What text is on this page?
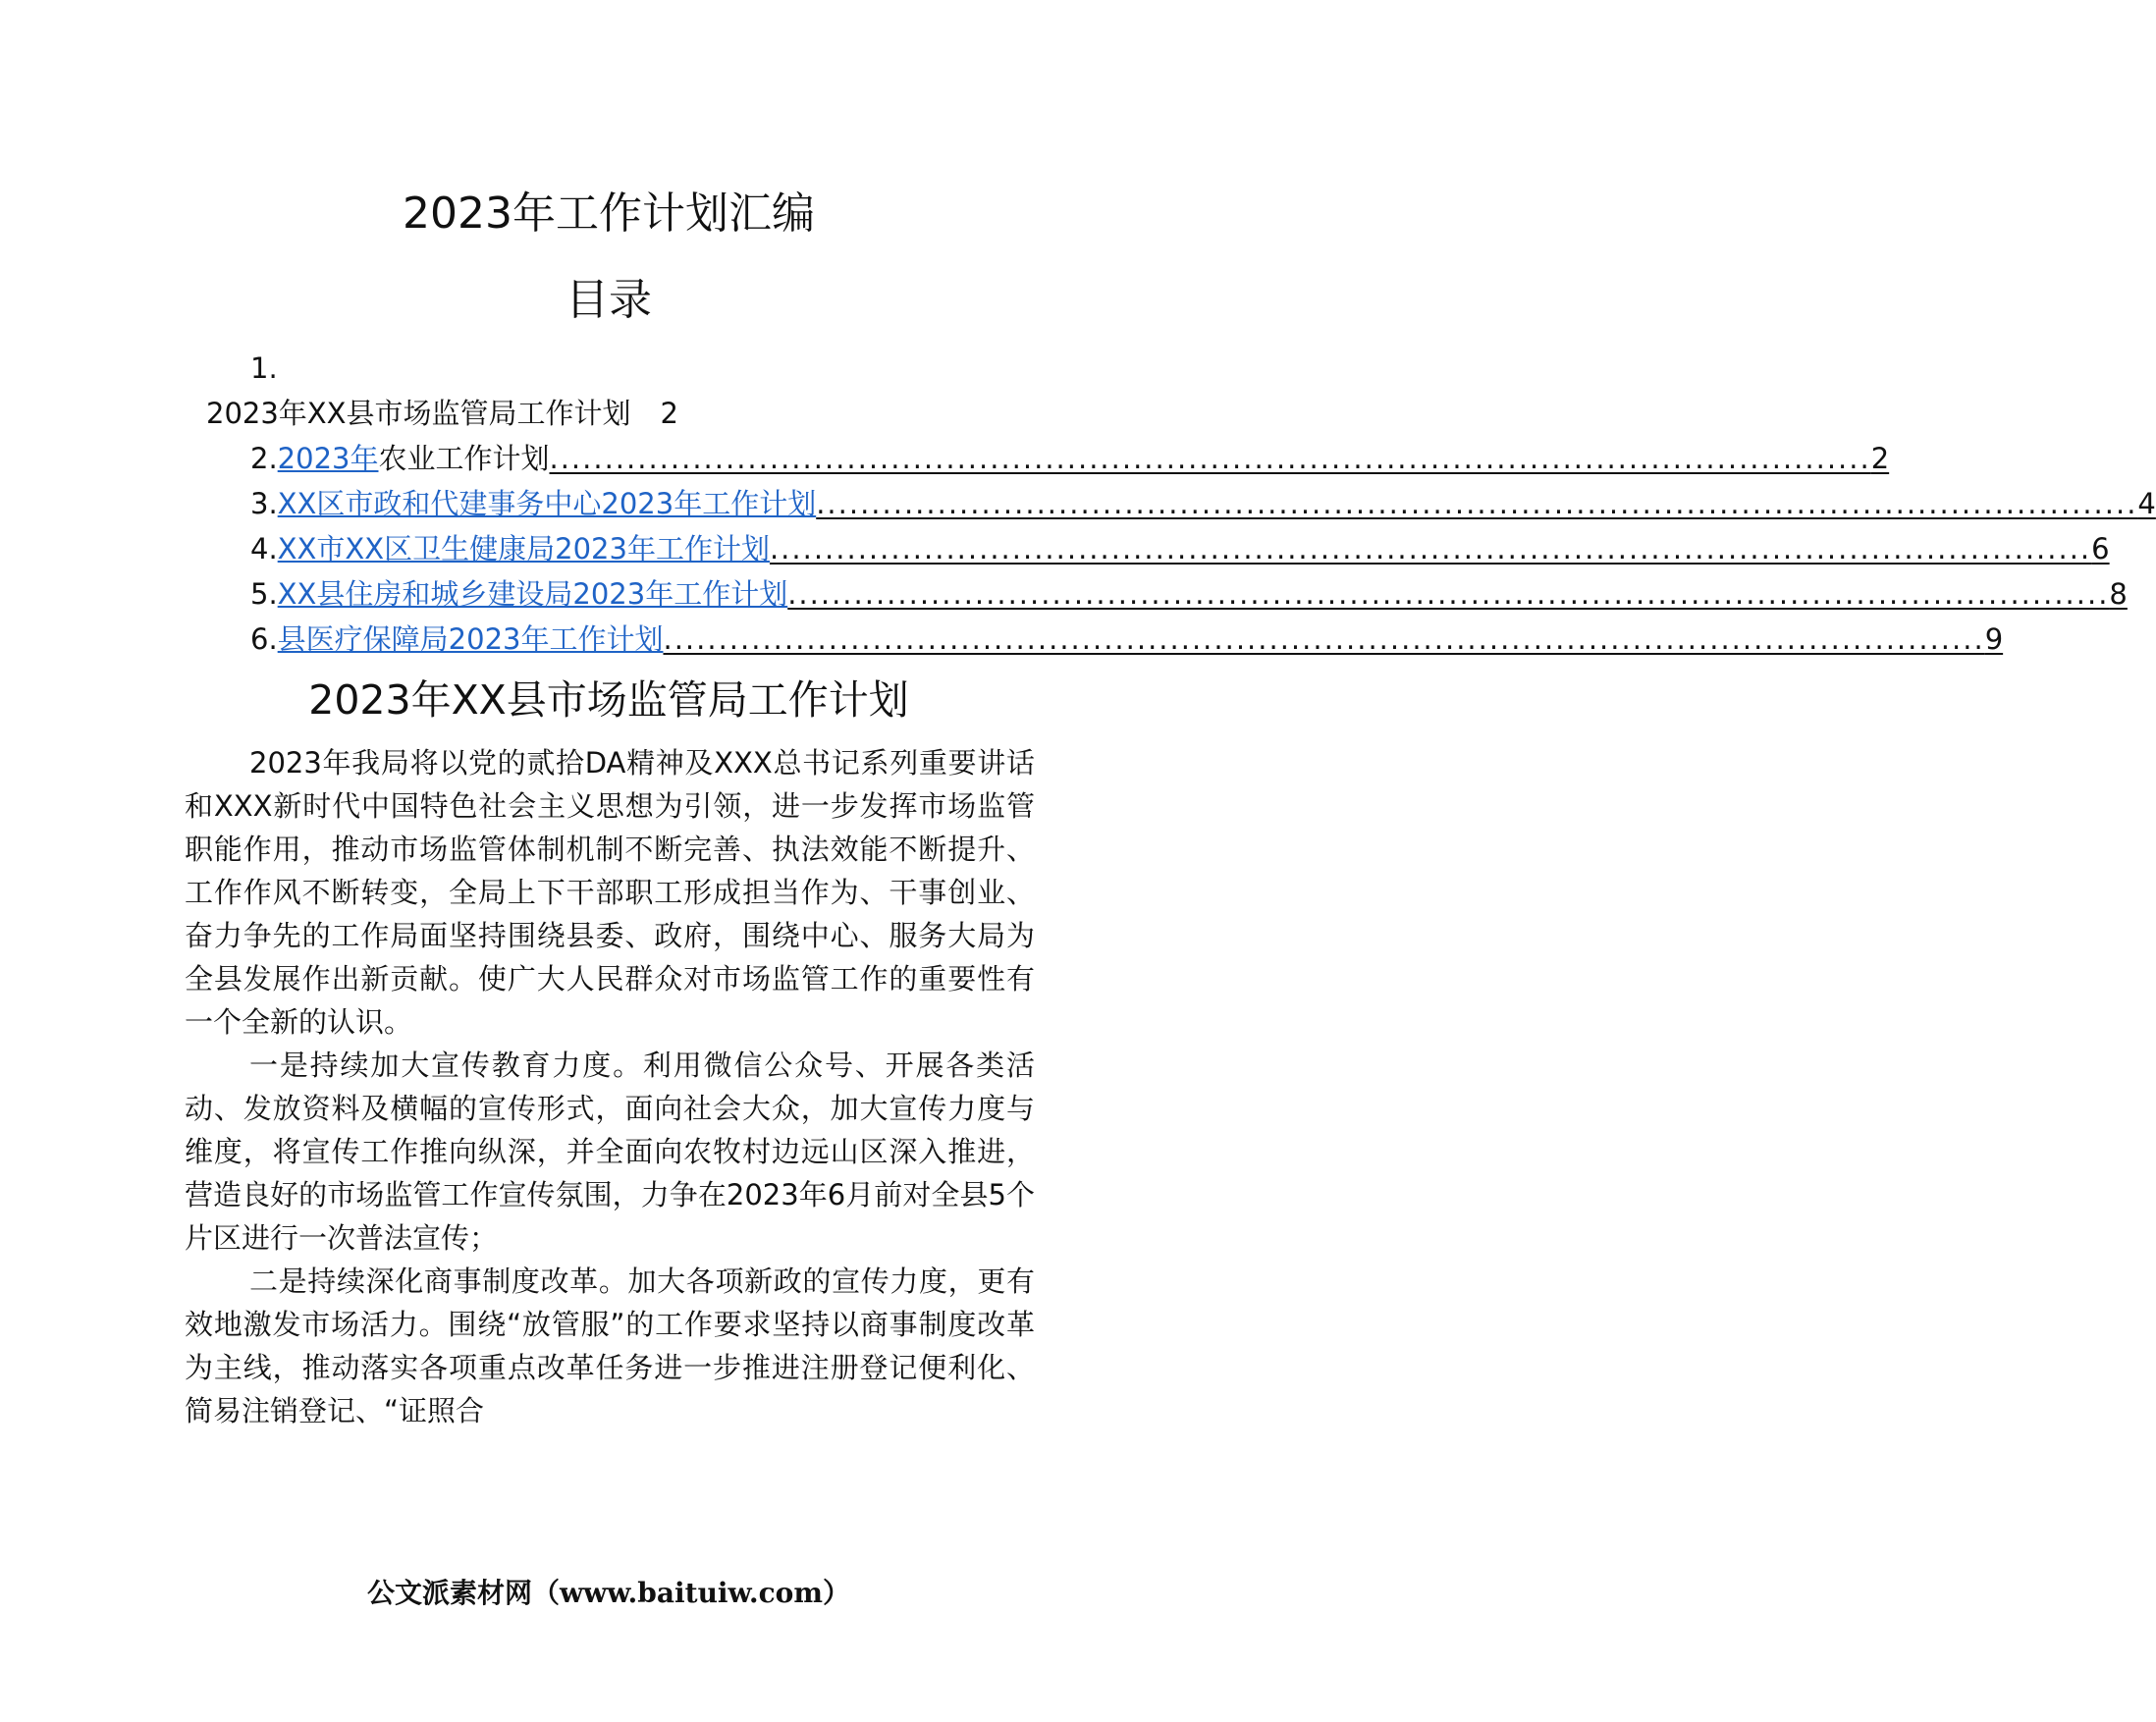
2023年工作计划汇编
目录
1.
2023年XX县市场监管局工作计划 2
2. 2023年 农业工作计划 ........................................................................................................................ 2
3. XX区市政和代建事务中心2023年工作计划 ........................................................................................................................ 4
4. XX市XX区卫生健康局2023年工作计划 ........................................................................................................................ 6
5. XX县住房和城乡建设局2023年工作计划 ........................................................................................................................ 8
6. 县医疗保障局2023年工作计划 ........................................................................................................................ 9
2023年XX县市场监管局工作计划

2023年我局将以党的贰拾DA精神及XXX总书记系列重要讲话和XXX新时代中国特色社会主义思想为引领，进一步发挥市场监管职能作用，推动市场监管体制机制不断完善、执法效能不断提升、工作作风不断转变，全局上下干部职工形成担当作为、干事创业、奋力争先的工作局面坚持围绕县委、政府，围绕中心、服务大局为全县发展作出新贡献。使广大人民群众对市场监管工作的重要性有一个全新的认识。

一是持续加大宣传教育力度。利用微信公众号、开展各类活动、发放资料及横幅的宣传形式，面向社会大众，加大宣传力度与维度，将宣传工作推向纵深，并全面向农牧村边远山区深入推进，营造良好的市场监管工作宣传氛围，力争在2023年6月前对全县5个片区进行一次普法宣传；

二是持续深化商事制度改革。加大各项新政的宣传力度，更有效地激发市场活力。围绕“放管服”的工作要求坚持以商事制度改革为主线，推动落实各项重点改革任务进一步推进注册登记便利化、简易注销登记、“证照合

公文派素材网（www.baituiw.com）
